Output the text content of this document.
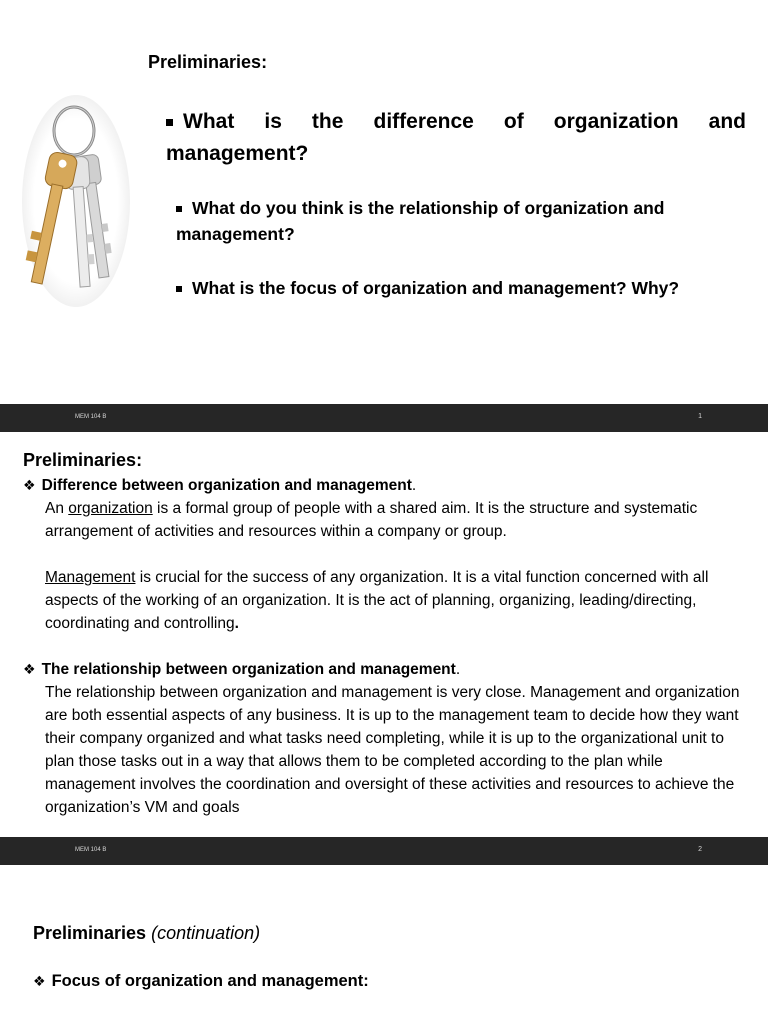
Preliminaries:
What is the difference of organization and management?
What do you think is the relationship of organization and management?
What is the focus of organization and management? Why?
MEM 104 B	1
Preliminaries:
❖ Difference between organization and management.
An organization is a formal group of people with a shared aim. It is the structure and systematic arrangement of activities and resources within a company or group.
Management is crucial for the success of any organization. It is a vital function concerned with all aspects of the working of an organization. It is the act of planning, organizing, leading/directing, coordinating and controlling.
❖ The relationship between organization and management.
The relationship between organization and management is very close. Management and organization are both essential aspects of any business. It is up to the management team to decide how they want their company organized and what tasks need completing, while it is up to the organizational unit to plan those tasks out in a way that allows them to be completed according to the plan while management involves the coordination and oversight of these activities and resources to achieve the organization’s VM and goals
MEM 104 B	2
Preliminaries (continuation)
❖ Focus of organization and management:
